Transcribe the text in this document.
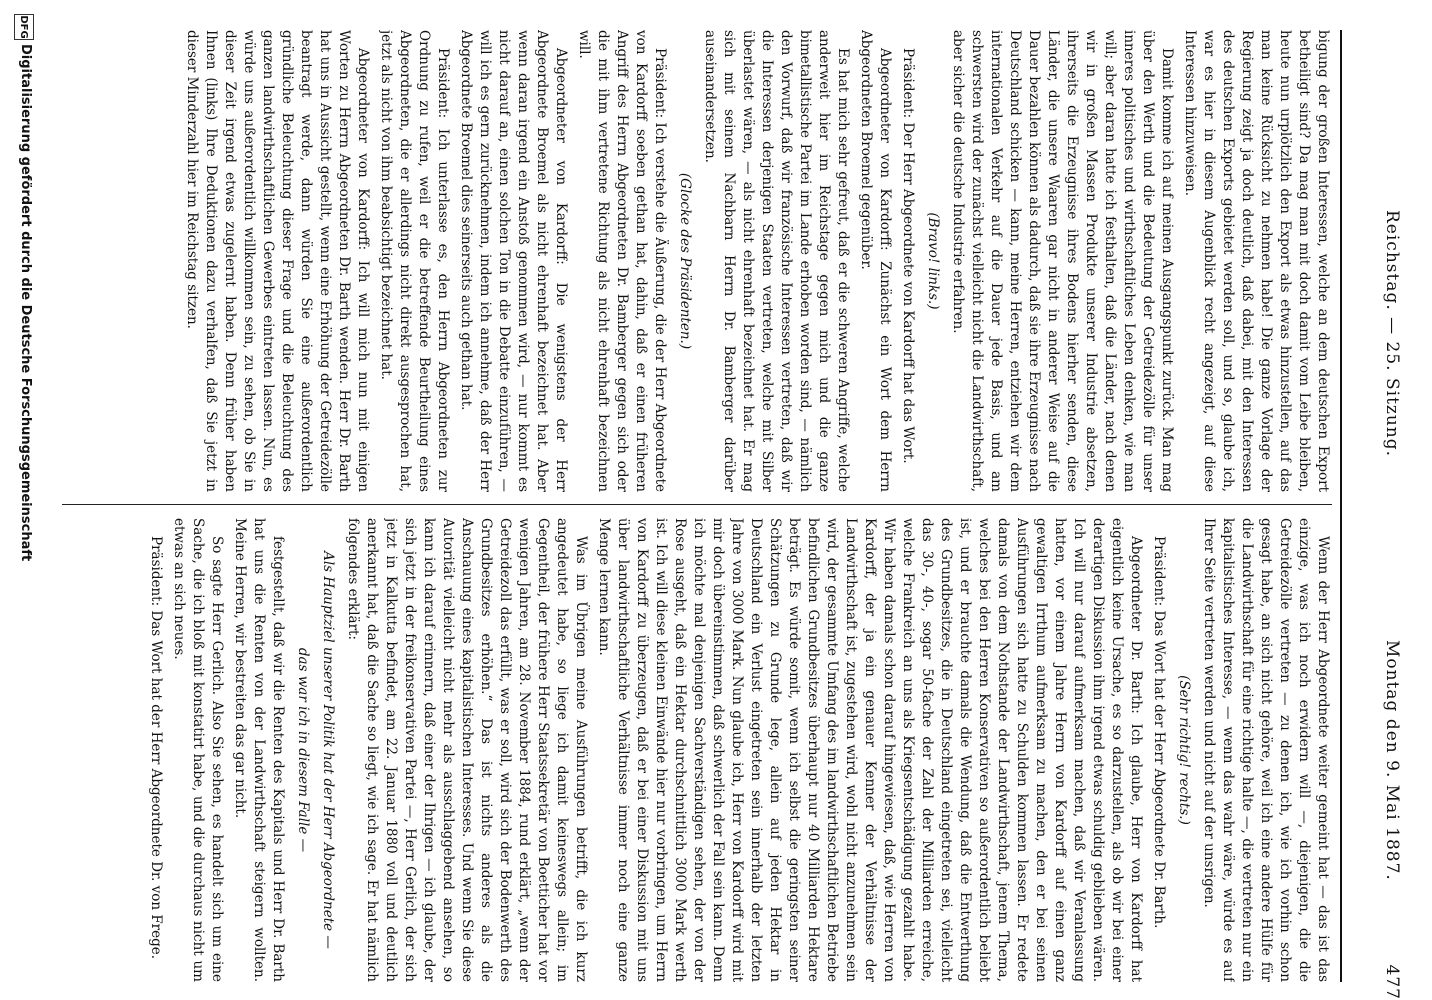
Reichstag. — 25. Sitzung.
Montag den 9. Mai 1887.
477

bigung der großen Interessen, welche an dem deutschen Export betheiligt sind? Da mag man mit doch damit vom Leibe bleiben, heute nun urplötzlich den Export als etwas hinzustellen, auf das man keine Rücksicht zu nehmen habe! Die ganze Vorlage der Regierung zeigt ja doch deutlich, daß dabei, mit den Interessen des deutschen Exports gebietet werden soll, und so, glaube ich, war es hier in diesem Augenblick recht angezeigt, auf diese Interessen hinzuweisen.

Damit komme ich auf meinen Ausgangspunkt zurück. Man mag über den Werth und die Bedeutung der Getreidezölle für unser inneres politisches und wirthschaftliches Leben denken, wie man will; aber daran hatte ich festhalten, daß die Länder, nach denen wir in großen Massen Produkte unserer Industrie absetzen, ihrerseits die Erzeugnisse ihres Bodens hierher senden, diese Länder, die unsere Waaren gar nicht in anderer Weise auf die Dauer bezahlen können als dadurch, daß sie ihre Erzeugnisse nach Deutschland schicken — kann, meine Herren, entziehen wir dem internationalen Verkehr auf die Dauer jede Basis, und am schwersten wird der zunächst vielleicht nicht die Landwirthschaft, aber sicher die deutsche Industrie erfahren.

(Bravo! links.)

Präsident: Der Herr Abgeordnete von Kardorff hat das Wort.

Abgeordneter von Kardorff: Zunächst ein Wort dem Herrn Abgeordneten Broemel gegenüber.

Es hat mich sehr gefreut, daß er die schweren Angriffe, welche anderweit hier im Reichstage gegen mich und die ganze bimetallistische Partei im Lande erhoben worden sind, — nämlich den Vorwurf, daß wir französische Interessen vertreten, daß wir die Interessen derjenigen Staaten vertreten, welche mit Silber überlastet wären, — als nicht ehrenhaft bezeichnet hat. Er mag sich mit seinem Nachbarn Herrn Dr. Bamberger darüber auseinandersetzen.

(Glocke des Präsidenten.)

Präsident: Ich verstehe die Äußerung, die der Herr Abgeordnete von Kardorff soeben gethan hat, dahin, daß er einen früheren Angriff des Herrn Abgeordneten Dr. Bamberger gegen sich oder die mit ihm vertretene Richtung als nicht ehrenhaft bezeichnen will.

Abgeordneter von Kardorff: Die wenigstens der Herr Abgeordnete Broemel als nicht ehrenhaft bezeichnet hat. Aber wenn daran irgend ein Anstoß genommen wird, — nur kommt es nicht darauf an, einen solchen Ton in die Debatte einzuführen, — will ich es gern zurücknehmen, indem ich annehme, daß der Herr Abgeordnete Broemel dies seinerseits auch gethan hat.

Präsident: Ich unterlasse es, den Herrn Abgeordneten zur Ordnung zu rufen, weil er die betreffende Beurtheilung eines Abgeordneten, die er allerdings nicht direkt ausgesprochen hat, jetzt als nicht von ihm beabsichtigt bezeichnet hat.

Abgeordneter von Kardorff: Ich will mich nun mit einigen Worten zu Herrn Abgeordneten Dr. Barth wenden. Herr Dr. Barth hat uns in Aussicht gestellt, wenn eine Erhöhung der Getreidezölle beantragt werde, dann würden Sie eine außerordentlich gründliche Beleuchtung dieser Frage und die Beleuchtung des ganzen landwirthschaftlichen Gewerbes eintreten lassen. Nun, es würde uns außerordentlich willkommen sein, zu sehen, ob Sie in dieser Zeit irgend etwas zugelernt haben. Denn früher haben Ihnen (links) Ihre Deduktionen dazu verhalfen, daß Sie jetzt in dieser Minderzahl hier im Reichstag sitzen.

Wenn der Herr Abgeordnete weiter gemeint hat — das ist das einzige, was ich noch erwidern will —, diejenigen, die die Getreidezölle vertreten — zu denen ich, wie ich vorhin schon gesagt habe, an sich nicht gehöre, weil ich eine andere Hülfe für die Landwirthschaft für eine richtige halte —, die vertreten nur ein kapitalistisches Interesse, — wenn das wahr wäre, würde es auf Ihrer Seite vertreten werden und nicht auf der unsrigen.

(Sehr richtig! rechts.)

Präsident: Das Wort hat der Herr Abgeordnete Dr. Barth.

Abgeordneter Dr. Barth: Ich glaube, Herr von Kardorff hat eigentlich keine Ursache, es so darzustellen, als ob wir bei einer derartigen Diskussion ihm irgend etwas schuldig geblieben wären. Ich will nur darauf aufmerksam machen, daß wir Veranlassung hatten, vor einem Jahre Herrn von Kardorff auf einen ganz gewaltigen Irrthum aufmerksam zu machen, den er bei seinen Ausführungen sich hatte zu Schulden kommen lassen. Er redete damals von dem Nothstande der Landwirthschaft, jenem Thema, welches bei den Herren Konservativen so außerordentlich beliebt ist, und er brauchte damals die Wendung, daß die Entwerthung des Grundbesitzes, die in Deutschland eingetreten sei, vielleicht das 30-, 40-, sogar 50-fache der Zahl der Milliarden erreiche, welche Frankreich an uns als Kriegsentschädigung gezahlt habe. Wir haben damals schon darauf hingewiesen, daß, wie Herren von Kardorff, der ja ein genauer Kenner der Verhältnisse der Landwirthschaft ist, zugestehen wird, wohl nicht anzunehmen sein wird, der gesammte Umfang des im landwirthschaftlichen Betriebe befindlichen Grundbesitzes überhaupt nur 40 Milliarden Hektare beträgt. Es würde somit, wenn ich selbst die geringsten seiner Schätzungen zu Grunde lege, allein auf jeden Hektar in Deutschland ein Verlust eingetreten sein innerhalb der letzten Jahre von 3000 Mark. Nun glaube ich, Herr von Kardorff wird mit mir doch übereinstimmen, daß schwerlich der Fall sein kann. Denn ich möchte mal denjenigen Sachverständigen sehen, der von der Rose ausgeht, daß ein Hektar durchschnittlich 3000 Mark werth ist. Ich will diese kleinen Einwände hier nur vorbringen, um Herrn von Kardorff zu überzeugen, daß er bei einer Diskussion mit uns über landwirthschaftliche Verhältnisse immer noch eine ganze Menge lernen kann.

Was im Übrigen meine Ausführungen betrifft, die ich kurz angedeutet habe, so liege ich damit keineswegs allein; im Gegentheil, der frühere Herr Staatssekretär von Boetticher hat vor wenigen Jahren, am 28. November 1884, rund erklärt, „wenn der Getreidezoll das erfüllt, was er soll, wird sich der Bodenwerth des Grundbesitzes erhöhen.“ Das ist nichts anderes als die Anschauung eines kapitalistischen Interesses. Und wenn Sie diese Autorität vielleicht nicht mehr als ausschlaggebend ansehen, so kann ich darauf erinnern, daß einer der Ihrigen — ich glaube, der sich jetzt in der freikonservativen Partei —, Herr Gerlich, der sich jetzt in Kalkutta befindet, am 22. Januar 1880 voll und deutlich anerkannt hat, daß die Sache so liegt, wie ich sage. Er hat nämlich folgendes erklärt:

Als Hauptziel unserer Politik hat der Herr Abgeordnete —

das war ich in diesem Falle —

festgestellt, daß wir die Renten des Kapitals und Herr Dr. Barth hat uns die Renten von der Landwirthschaft steigern wollten. Meine Herren, wir bestreiten das gar nicht.

So sagte Herr Gerlich. Also Sie sehen, es handelt sich um eine Sache, die ich bloß mit konstatirt habe, und die durchaus nicht um etwas an sich neues.

Präsident: Das Wort hat der Herr Abgeordnete Dr. von Frege.

DFG
Digitalisierung gefördert durch die Deutsche Forschungsgemeinschaft
